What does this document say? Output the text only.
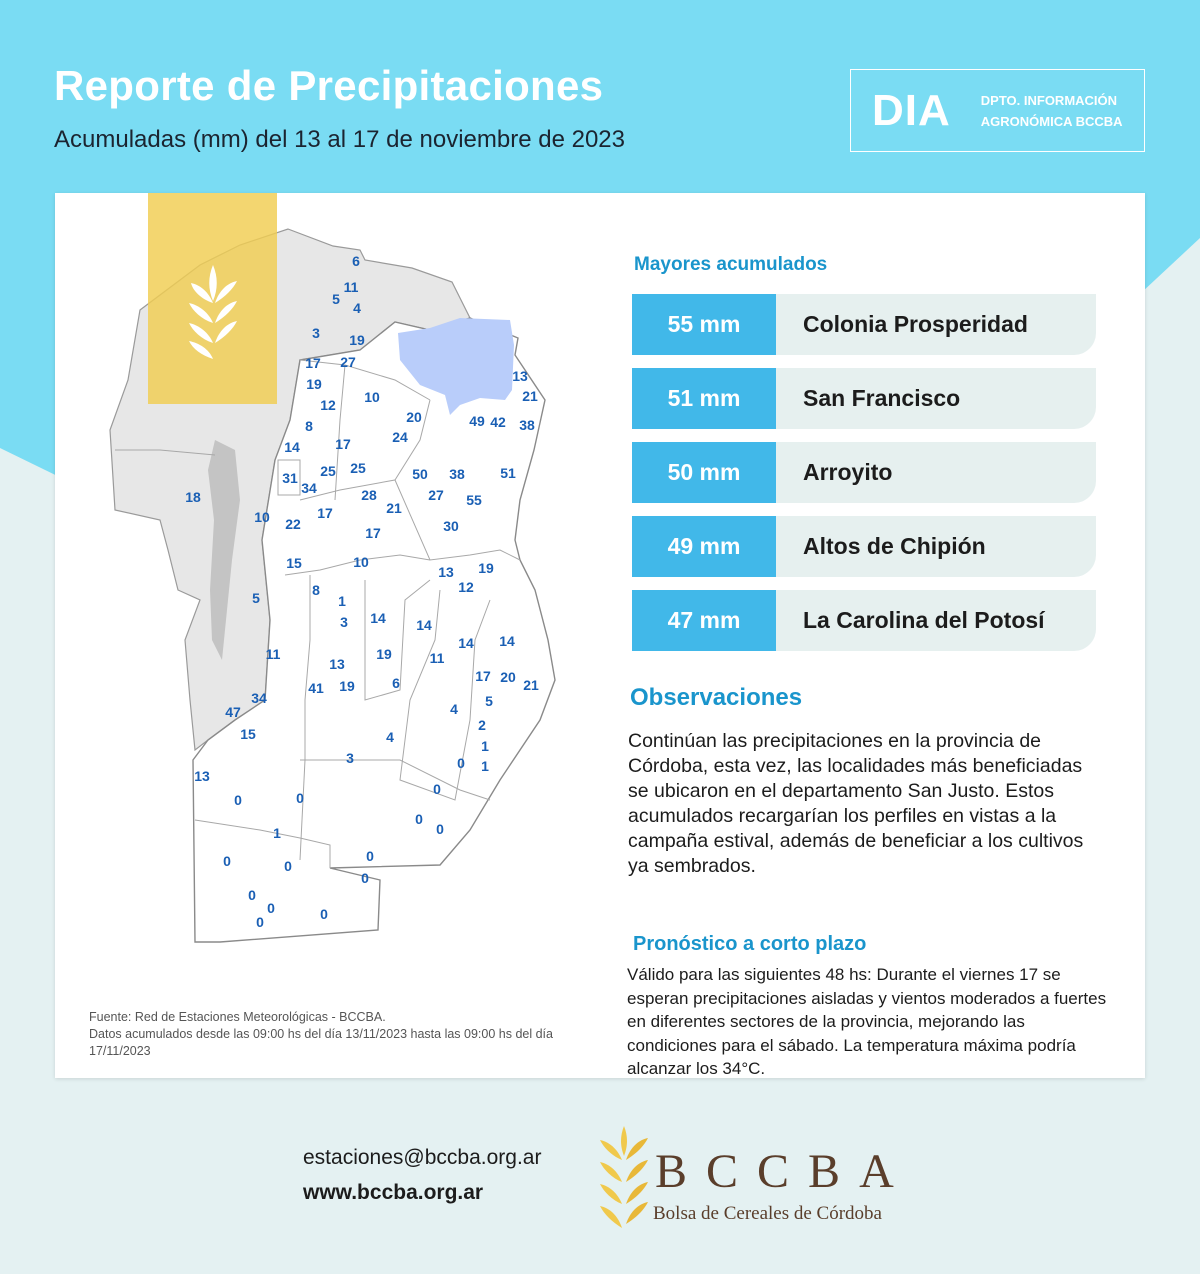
Reporte de Precipitaciones
Acumuladas (mm) del 13 al 17 de noviembre de 2023
DIA DPTO. INFORMACIÓN
AGRONÓMICA BCCBA
6
11
5
4
3 19
17 27
19
12 10
20
13
21
49 42 38
8
24
14	17
25 25
31
34
50 38	51
18	28	27 55
21
17
10 22
17	30
15	10
13 19
12
8
1
5
3 14 14
14 14
19	11
11
13
17 20 21
41 19	6
34	5
47	4
2
15	4
1
3	0 1
13
0
0	0
0
0
1
0	0
0
0
0
0
0	0
Fuente: Red de Estaciones Meteorológicas - BCCBA.
Datos acumulados desde las 09:00 hs del día 13/11/2023 hasta las 09:00 hs del día 17/11/2023
Mayores acumulados
55 mm	Colonia Prosperidad
51 mm	San Francisco
50 mm	Arroyito
49 mm	Altos de Chipión
47 mm	La Carolina del Potosí
Observaciones
Continúan las precipitaciones en la provincia de Córdoba, esta vez, las localidades más beneficiadas se ubicaron en el departamento San Justo. Estos acumulados recargarían los perfiles en vistas a la campaña estival, además de beneficiar a los cultivos ya sembrados.
Pronóstico a corto plazo
Válido para las siguientes 48 hs: Durante el viernes 17 se esperan precipitaciones aisladas y vientos moderados a fuertes en diferentes sectores de la provincia, mejorando las condiciones para el sábado. La temperatura máxima podría alcanzar los 34°C.
estaciones@bccba.org.ar
www.bccba.org.ar	BCCBA
Bolsa de Cereales de Córdoba
